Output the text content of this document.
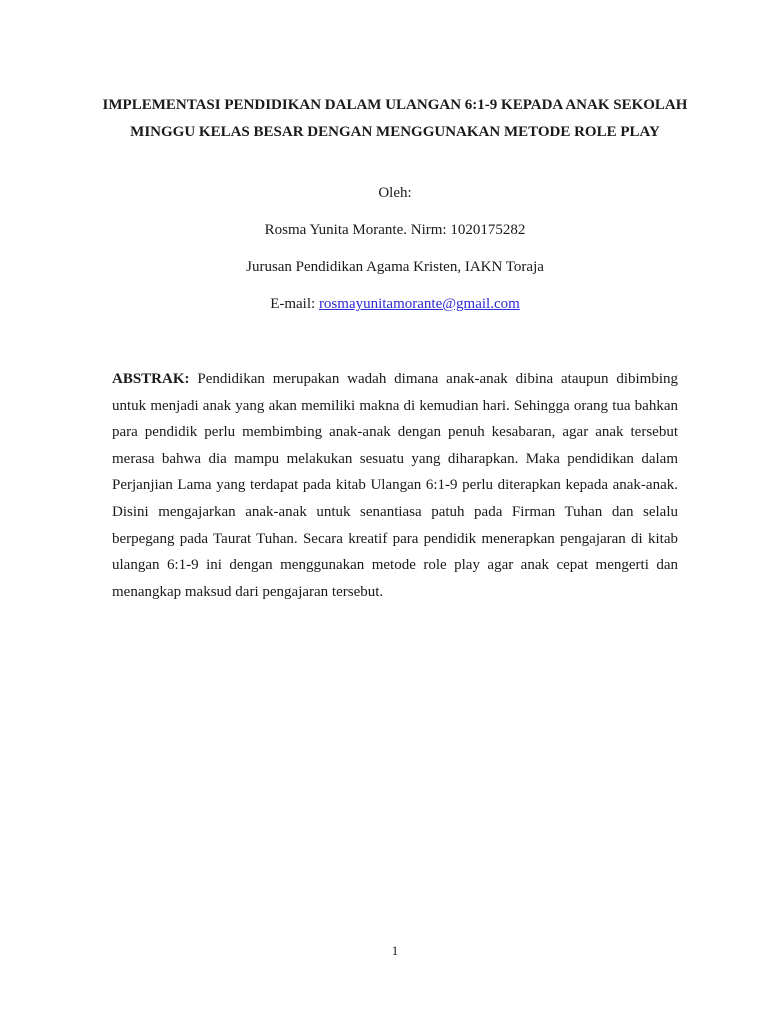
IMPLEMENTASI PENDIDIKAN DALAM ULANGAN 6:1-9 KEPADA ANAK SEKOLAH MINGGU KELAS BESAR DENGAN MENGGUNAKAN METODE ROLE PLAY

Oleh:

Rosma Yunita Morante. Nirm: 1020175282

Jurusan Pendidikan Agama Kristen, IAKN Toraja

E-mail: rosmayunitamorante@gmail.com

ABSTRAK: Pendidikan merupakan wadah dimana anak-anak dibina ataupun dibimbing untuk menjadi anak yang akan memiliki makna di kemudian hari. Sehingga orang tua bahkan para pendidik perlu membimbing anak-anak dengan penuh kesabaran, agar anak tersebut merasa bahwa dia mampu melakukan sesuatu yang diharapkan. Maka pendidikan dalam Perjanjian Lama yang terdapat pada kitab Ulangan 6:1-9 perlu diterapkan kepada anak-anak. Disini mengajarkan anak-anak untuk senantiasa patuh pada Firman Tuhan dan selalu berpegang pada Taurat Tuhan. Secara kreatif para pendidik menerapkan pengajaran di kitab ulangan 6:1-9 ini dengan menggunakan metode role play agar anak cepat mengerti dan menangkap maksud dari pengajaran tersebut.

1
